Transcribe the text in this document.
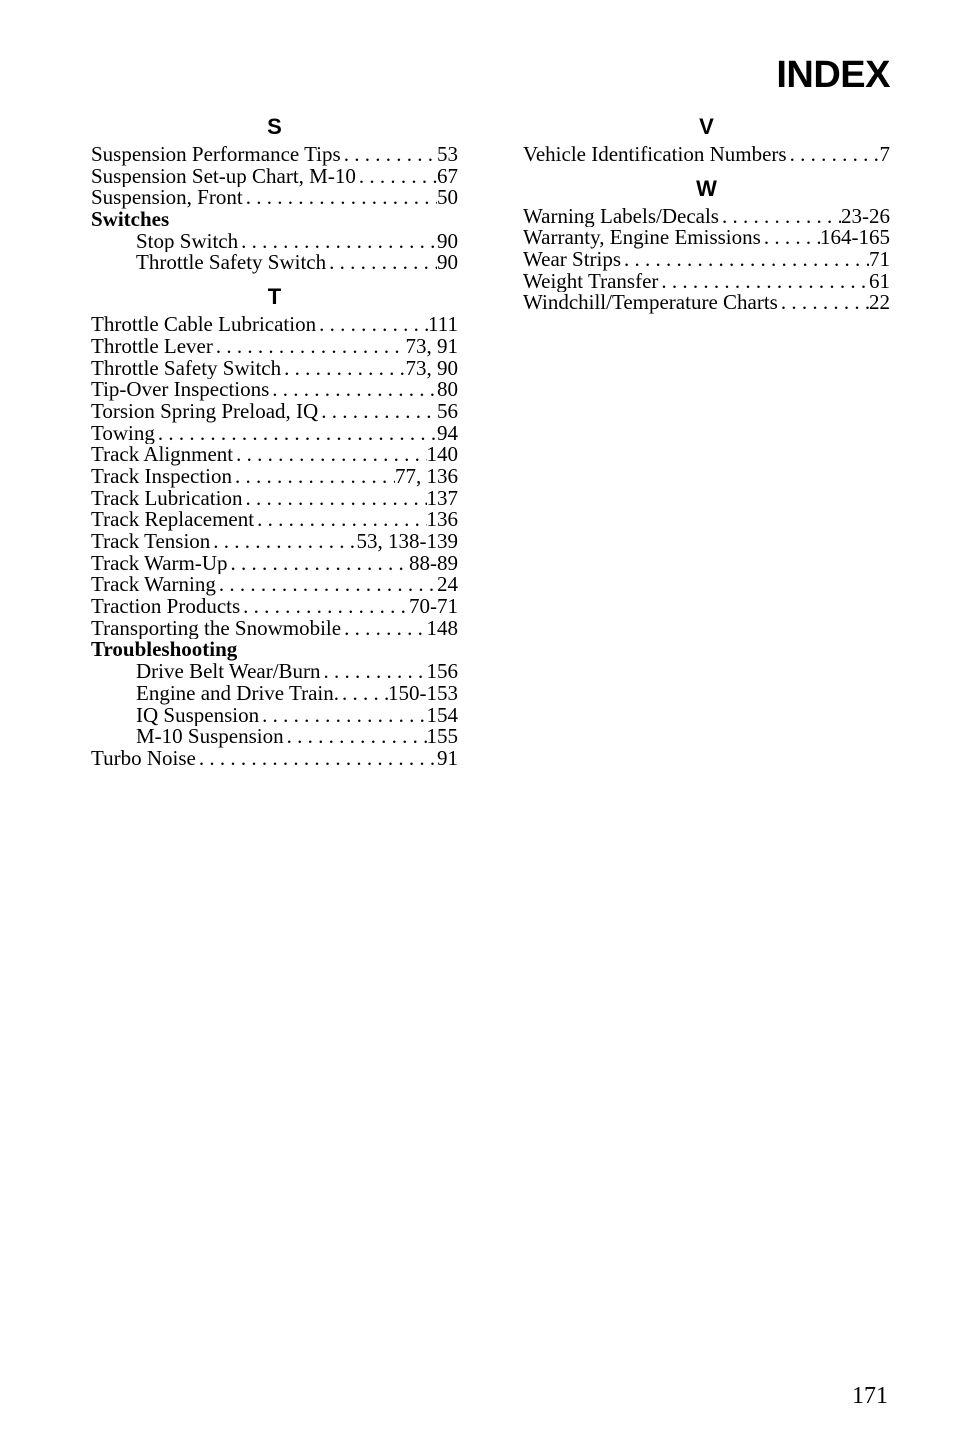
INDEX
S
Suspension Performance Tips . . .	53
Suspension Set-up Chart, M-10 . . .	67
Suspension, Front . . .	50
Switches
Stop Switch . . .	90
Throttle Safety Switch . . .	90
T
Throttle Cable Lubrication . . .	111
Throttle Lever . . .	73, 91
Throttle Safety Switch . . .	73, 90
Tip-Over Inspections . . .	80
Torsion Spring Preload, IQ . . .	56
Towing . . .	94
Track Alignment . . .	140
Track Inspection . . .	77, 136
Track Lubrication . . .	137
Track Replacement . . .	136
Track Tension . . .	53, 138-139
Track Warm-Up . . .	88-89
Track Warning . . .	24
Traction Products . . .	70-71
Transporting the Snowmobile . . .	148
Troubleshooting
Drive Belt Wear/Burn . . .	156
Engine and Drive Train. . . . 150-153
IQ Suspension . . .	154
M-10 Suspension . . .	155
Turbo Noise . . .	91
V
Vehicle Identification Numbers . . .	7
W
Warning Labels/Decals . . .	23-26
Warranty, Engine Emissions . . .	164-165
Wear Strips . . .	71
Weight Transfer . . .	61
Windchill/Temperature Charts . . .	22
171
